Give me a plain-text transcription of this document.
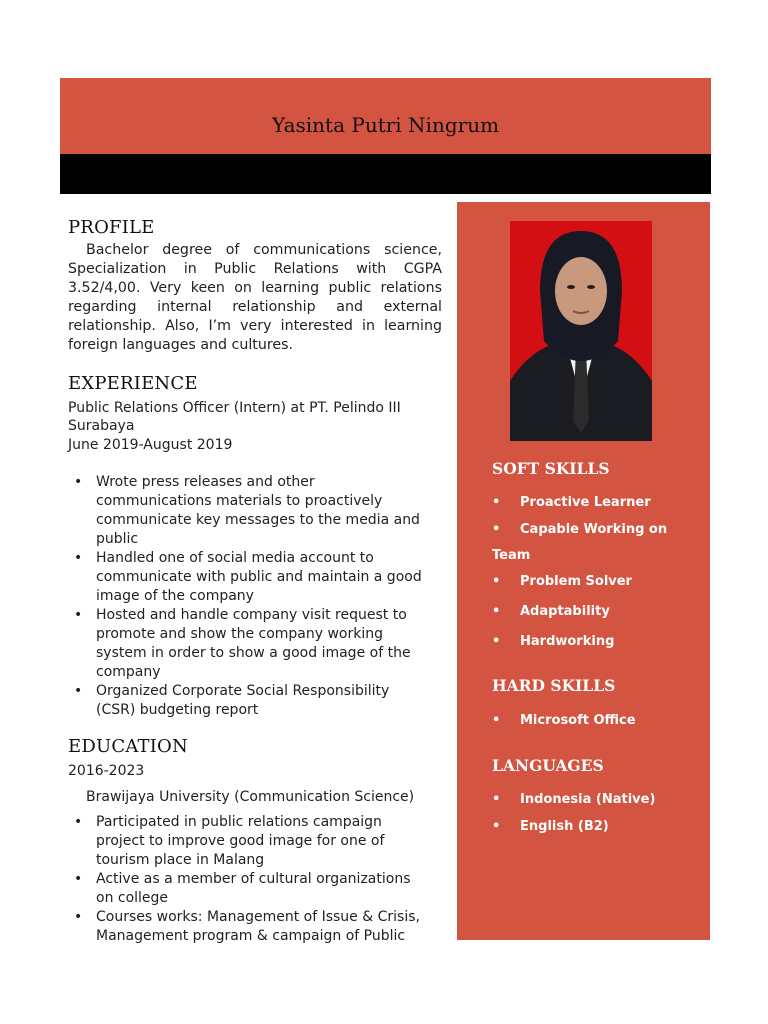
Yasinta Putri Ningrum
SOFT SKILLS
• Proactive Learner
• Capable Working on
Team
• Problem Solver
• Adaptability
• Hardworking
HARD SKILLS
• Microsoft Office
LANGUAGES
• Indonesia (Native)
• English (B2)
PROFILE
Bachelor degree of communications science, Specialization in Public Relations with CGPA 3.52/4,00. Very keen on learning public relations regarding internal relationship and external relationship. Also, I’m very interested in learning foreign languages and cultures.
EXPERIENCE
Public Relations Officer (Intern) at PT. Pelindo III
Surabaya
June 2019-August 2019
• Wrote press releases and other communications materials to proactively communicate key messages to the media and public
• Handled one of social media account to communicate with public and maintain a good image of the company
• Hosted and handle company visit request to promote and show the company working system in order to show a good image of the company
• Organized Corporate Social Responsibility (CSR) budgeting report
EDUCATION
2016-2023
Brawijaya University (Communication Science)
• Participated in public relations campaign project to improve good image for one of tourism place in Malang
• Active as a member of cultural organizations on college
• Courses works: Management of Issue & Crisis, Management program & campaign of Public
